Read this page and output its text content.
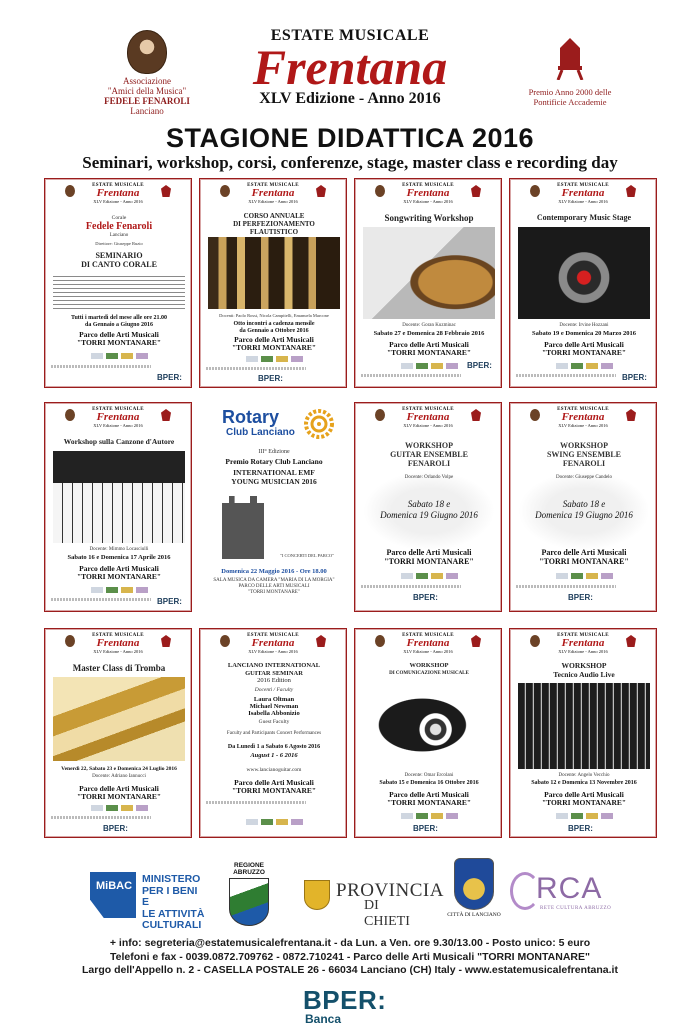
Associazione
"Amici della Musica"
FEDELE FENAROLI
Lanciano
ESTATE MUSICALE
Frentana
XLV Edizione - Anno 2016	Premio Anno 2000 delle
Pontificie Accademie
STAGIONE DIDATTICA 2016
Seminari, workshop, corsi, conferenze, stage, master class e recording day
ESTATE MUSICALE
Frentana
XLV Edizione - Anno 2016
Corale
Fedele Fenaroli
Lanciano
Direttore: Giuseppe Ruzio
SEMINARIO
DI CANTO CORALE
Tutti i martedì del mese alle ore 21.00
da Gennaio a Giugno 2016
Parco delle Arti Musicali
"TORRI MONTANARE"
BPER:
ESTATE MUSICALE
Frentana
XLV Edizione - Anno 2016
CORSO ANNUALE
DI PERFEZIONAMENTO
FLAUTISTICO
Docenti: Paolo Rossi, Nicola Campitelli, Emanuela Marcone
Otto incontri a cadenza mensile
da Gennaio a Ottobre 2016
Parco delle Arti Musicali
"TORRI MONTANARE"
BPER:
ESTATE MUSICALE
Frentana
XLV Edizione - Anno 2016
Songwriting Workshop
Docente: Goran Kuzminac
Sabato 27 e Domenica 28 Febbraio 2016
Parco delle Arti Musicali
"TORRI MONTANARE"
BPER:
ESTATE MUSICALE
Frentana
XLV Edizione - Anno 2016
Contemporary Music Stage
Docente: Irvine Hozzani
Sabato 19 e Domenica 20 Marzo 2016
Parco delle Arti Musicali
"TORRI MONTANARE"
BPER:
ESTATE MUSICALE
Frentana
XLV Edizione - Anno 2016
Workshop sulla Canzone d'Autore
Docente: Mimmo Locasciulli
Sabato 16 e Domenica 17 Aprile 2016
Parco delle Arti Musicali
"TORRI MONTANARE"
BPER:
Rotary
Club Lanciano
III° Edizione
Premio Rotary Club Lanciano
INTERNATIONAL EMF
YOUNG MUSICIAN 2016
"I CONCERTI DEL PARCO"
Domenica 22 Maggio 2016 - Ore 18.00
SALA MUSICA DA CAMERA "MARIA DI LA MORGIA"
PARCO DELLE ARTI MUSICALI
"TORRI MONTANARE"
ESTATE MUSICALE
Frentana
XLV Edizione - Anno 2016
WORKSHOP
GUITAR ENSEMBLE
FENAROLI
Docente: Orlando Volpe
Sabato 18 e
Domenica 19 Giugno 2016
Parco delle Arti Musicali
"TORRI MONTANARE"
BPER:
ESTATE MUSICALE
Frentana
XLV Edizione - Anno 2016
WORKSHOP
SWING ENSEMBLE
FENAROLI
Docente: Giuseppe Candelo
Sabato 18 e
Domenica 19 Giugno 2016
Parco delle Arti Musicali
"TORRI MONTANARE"
BPER:
ESTATE MUSICALE
Frentana
XLV Edizione - Anno 2016
Master Class di Tromba
Venerdì 22, Sabato 23 e Domenica 24 Luglio 2016
Docente: Adriano Iannucci
Parco delle Arti Musicali
"TORRI MONTANARE"
BPER:
ESTATE MUSICALE
Frentana
XLV Edizione - Anno 2016
LANCIANO INTERNATIONAL
GUITAR SEMINAR
2016 Edition
Docenti / Faculty
Laura Oltman
Michael Newman
Isabella Abbonizio
Guest Faculty
Faculty and Participants Concert Performances
Da Lunedì 1 a Sabato 6 Agosto 2016
August 1 - 6 2016
www.lancianoguitar.com
Parco delle Arti Musicali
"TORRI MONTANARE"
ESTATE MUSICALE
Frentana
XLV Edizione - Anno 2016
WORKSHOP
DI COMUNICAZIONE MUSICALE
Docente: Omar Ercolani
Sabato 15 e Domenica 16 Ottobre 2016
Parco delle Arti Musicali
"TORRI MONTANARE"
BPER:
ESTATE MUSICALE
Frentana
XLV Edizione - Anno 2016
WORKSHOP
Tecnico Audio Live
Docente: Angelo Vecchio
Sabato 12 e Domenica 13 Novembre 2016
Parco delle Arti Musicali
"TORRI MONTANARE"
BPER:
MiBAC
MINISTERO
PER I BENI E
LE ATTIVITÀ
CULTURALI
REGIONE
ABRUZZO
PROVINCIA
DI CHIETI	CITTÀ DI LANCIANO
RCA
RETE CULTURA ABRUZZO
+ info: segreteria@estatemusicalefrentana.it - da Lun. a Ven. ore 9.30/13.00 - Posto unico: 5 euro
Telefoni e fax - 0039.0872.709762 - 0872.710241 - Parco delle Arti Musicali "TORRI MONTANARE"
Largo dell'Appello n. 2 - CASELLA POSTALE 26 - 66034 Lanciano (CH) Italy - www.estatemusicalefrentana.it
BPER:
Banca
